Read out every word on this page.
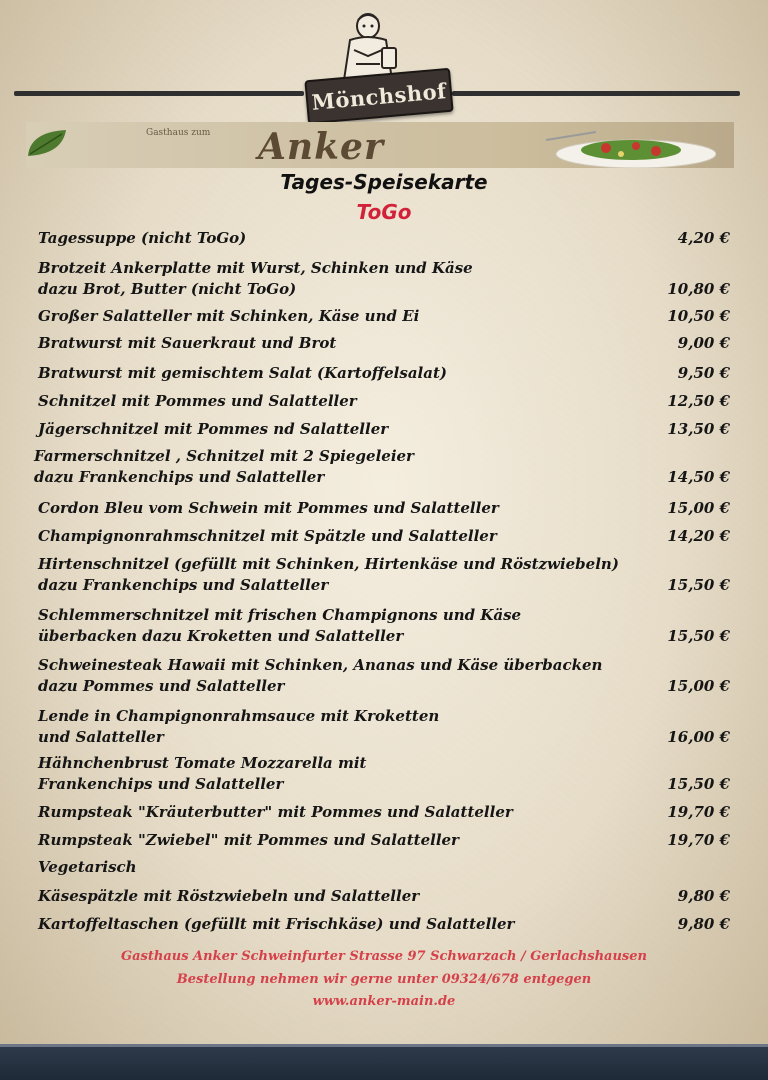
Mönchshof
Gasthaus zum Anker
Tages-Speisekarte
ToGo
Tagessuppe (nicht ToGo)	4,20 €
Brotzeit Ankerplatte mit Wurst, Schinken und Käse
dazu Brot, Butter (nicht ToGo)	10,80 €
Großer Salatteller mit Schinken, Käse und Ei	10,50 €
Bratwurst mit Sauerkraut und Brot	9,00 €
Bratwurst mit gemischtem Salat (Kartoffelsalat)	9,50 €
Schnitzel mit Pommes und Salatteller	12,50 €
Jägerschnitzel mit Pommes nd Salatteller	13,50 €
Farmerschnitzel , Schnitzel mit 2 Spiegeleier
dazu Frankenchips und Salatteller	14,50 €
Cordon Bleu vom Schwein mit Pommes und Salatteller	15,00 €
Champignonrahmschnitzel mit Spätzle und Salatteller	14,20 €
Hirtenschnitzel (gefüllt mit Schinken, Hirtenkäse und Röstzwiebeln)
dazu Frankenchips und Salatteller	15,50 €
Schlemmerschnitzel mit frischen Champignons und Käse
überbacken dazu Kroketten und Salatteller	15,50 €
Schweinesteak Hawaii mit Schinken, Ananas und Käse überbacken
dazu Pommes und Salatteller	15,00 €
Lende in Champignonrahmsauce mit Kroketten
und Salatteller	16,00 €
Hähnchenbrust Tomate Mozzarella mit
Frankenchips und Salatteller	15,50 €
Rumpsteak "Kräuterbutter" mit Pommes und Salatteller	19,70 €
Rumpsteak "Zwiebel" mit Pommes und Salatteller	19,70 €
Vegetarisch
Käsespätzle mit Röstzwiebeln und Salatteller	9,80 €
Kartoffeltaschen (gefüllt mit Frischkäse) und Salatteller	9,80 €
Gasthaus Anker Schweinfurter Strasse 97 Schwarzach / Gerlachshausen
Bestellung nehmen wir gerne unter 09324/678 entgegen
www.anker-main.de
